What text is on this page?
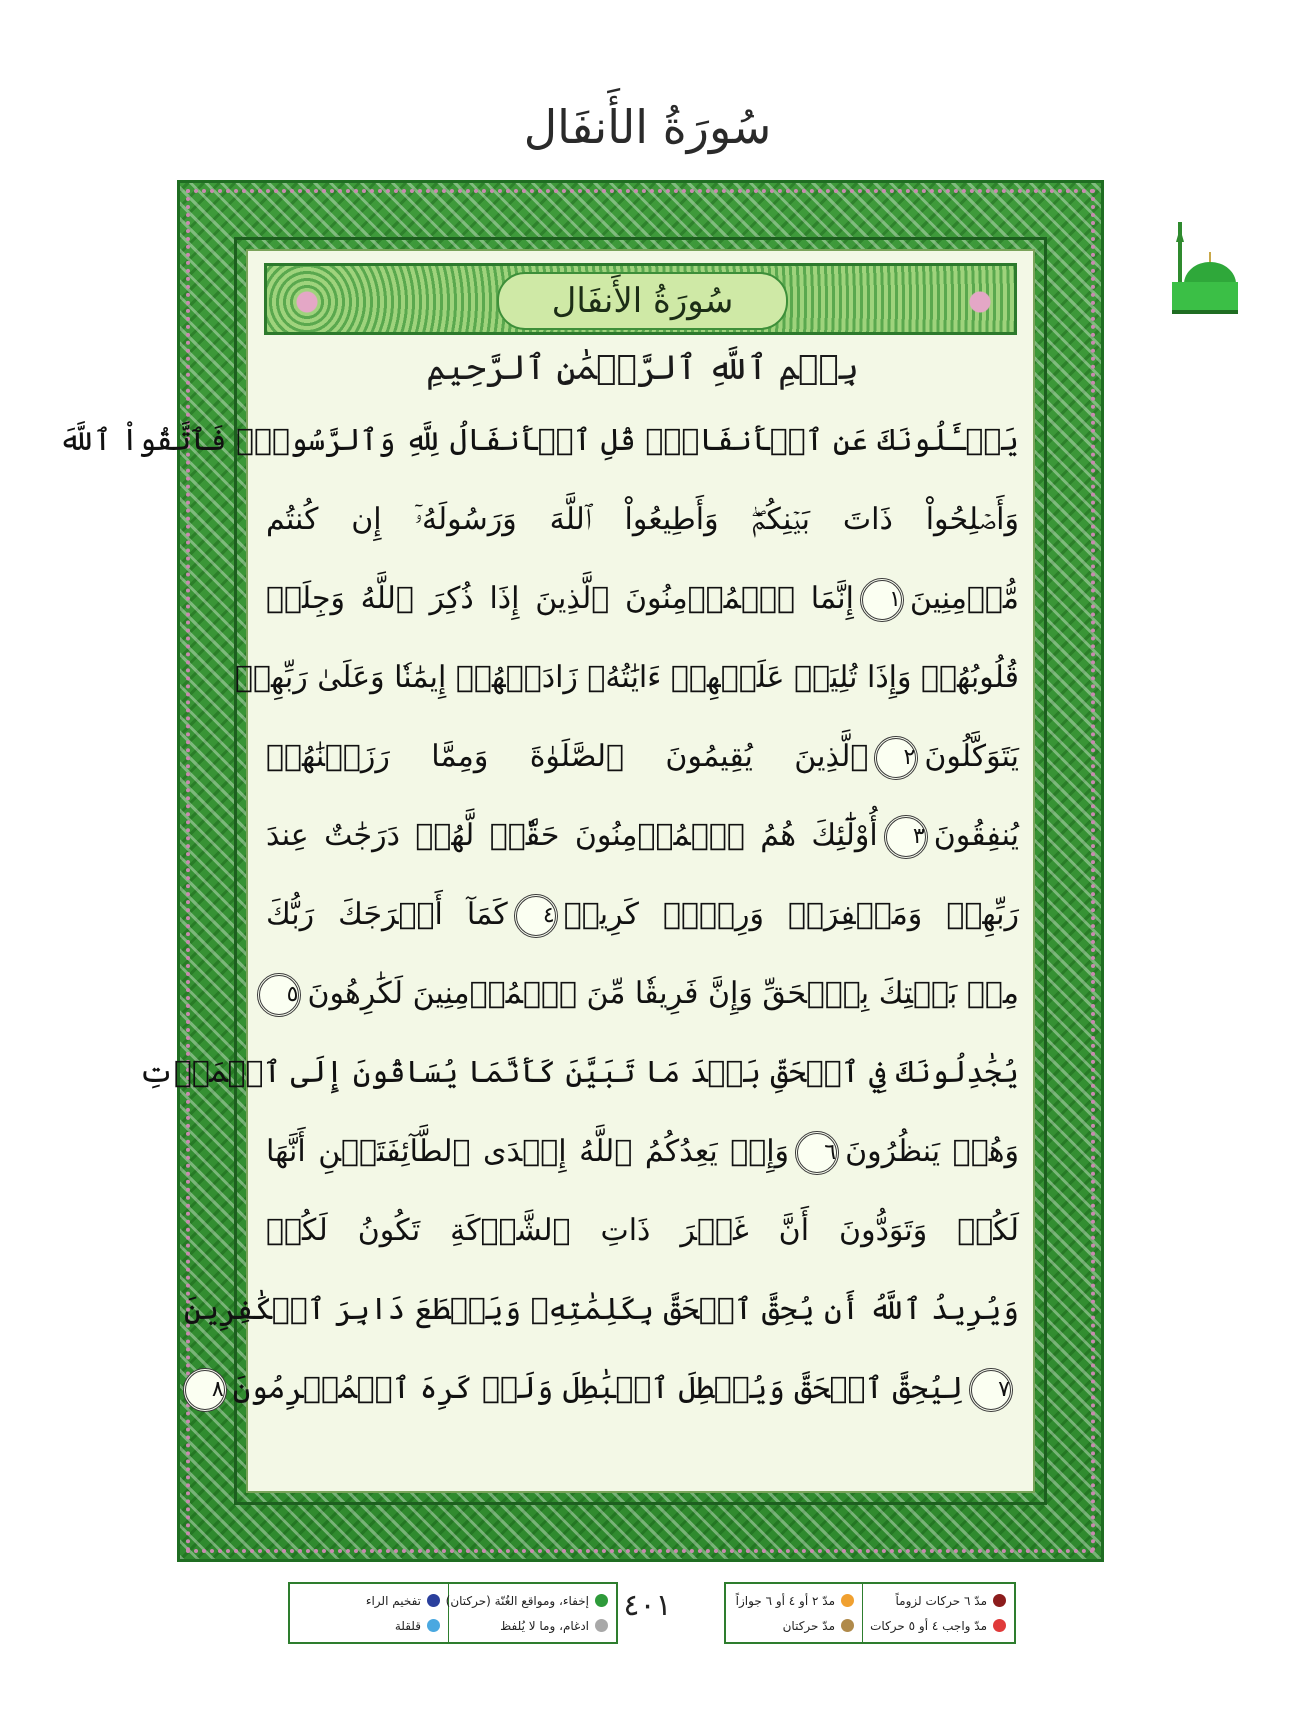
سُورَةُ الأَنفَال
سُورَةُ الأَنفَال
بِسۡمِ ٱللَّهِ ٱلرَّحۡمَٰنِ ٱلرَّحِيمِ
يَسۡـَٔلُونَكَ عَنِ ٱلۡأَنفَالِۖ قُلِ ٱلۡأَنفَالُ لِلَّهِ وَٱلرَّسُولِۖ فَٱتَّقُواْ ٱللَّهَ
وَأَصۡلِحُواْ ذَاتَ بَيۡنِكُمۡۖ وَأَطِيعُواْ ٱللَّهَ وَرَسُولَهُۥٓ إِن كُنتُم
مُّؤۡمِنِينَ١إِنَّمَا ٱلۡمُؤۡمِنُونَ ٱلَّذِينَ إِذَا ذُكِرَ ٱللَّهُ وَجِلَتۡ
قُلُوبُهُمۡ وَإِذَا تُلِيَتۡ عَلَيۡهِمۡ ءَايَٰتُهُۥ زَادَتۡهُمۡ إِيمَٰنٗا وَعَلَىٰ رَبِّهِمۡ
يَتَوَكَّلُونَ٢ٱلَّذِينَ يُقِيمُونَ ٱلصَّلَوٰةَ وَمِمَّا رَزَقۡنَٰهُمۡ
يُنفِقُونَ٣أُوْلَٰٓئِكَ هُمُ ٱلۡمُؤۡمِنُونَ حَقّٗاۚ لَّهُمۡ دَرَجَٰتٌ عِندَ
رَبِّهِمۡ وَمَغۡفِرَةٞ وَرِزۡقٞ كَرِيمٞ٤كَمَآ أَخۡرَجَكَ رَبُّكَ
مِنۢ بَيۡتِكَ بِٱلۡحَقِّ وَإِنَّ فَرِيقٗا مِّنَ ٱلۡمُؤۡمِنِينَ لَكَٰرِهُونَ٥
يُجَٰدِلُونَكَ فِي ٱلۡحَقِّ بَعۡدَ مَا تَبَيَّنَ كَأَنَّمَا يُسَاقُونَ إِلَى ٱلۡمَوۡتِ
وَهُمۡ يَنظُرُونَ٦وَإِذۡ يَعِدُكُمُ ٱللَّهُ إِحۡدَى ٱلطَّآئِفَتَيۡنِ أَنَّهَا
لَكُمۡ وَتَوَدُّونَ أَنَّ غَيۡرَ ذَاتِ ٱلشَّوۡكَةِ تَكُونُ لَكُمۡ
وَيُرِيدُ ٱللَّهُ أَن يُحِقَّ ٱلۡحَقَّ بِكَلِمَٰتِهِۦ وَيَقۡطَعَ دَابِرَ ٱلۡكَٰفِرِينَ
٧لِيُحِقَّ ٱلۡحَقَّ وَيُبۡطِلَ ٱلۡبَٰطِلَ وَلَوۡ كَرِهَ ٱلۡمُجۡرِمُونَ٨
إخفاء، ومواقع الغُنّة (حركتان)
ادغام، وما لا يُلفظ
تفخيم الراء
قلقلة
٤٠١	مدّ ٦ حركات لزوماً
مدّ واجب ٤ أو ٥ حركات
مدّ ٢ أو ٤ أو ٦ جوازاً
مدّ حركتان
